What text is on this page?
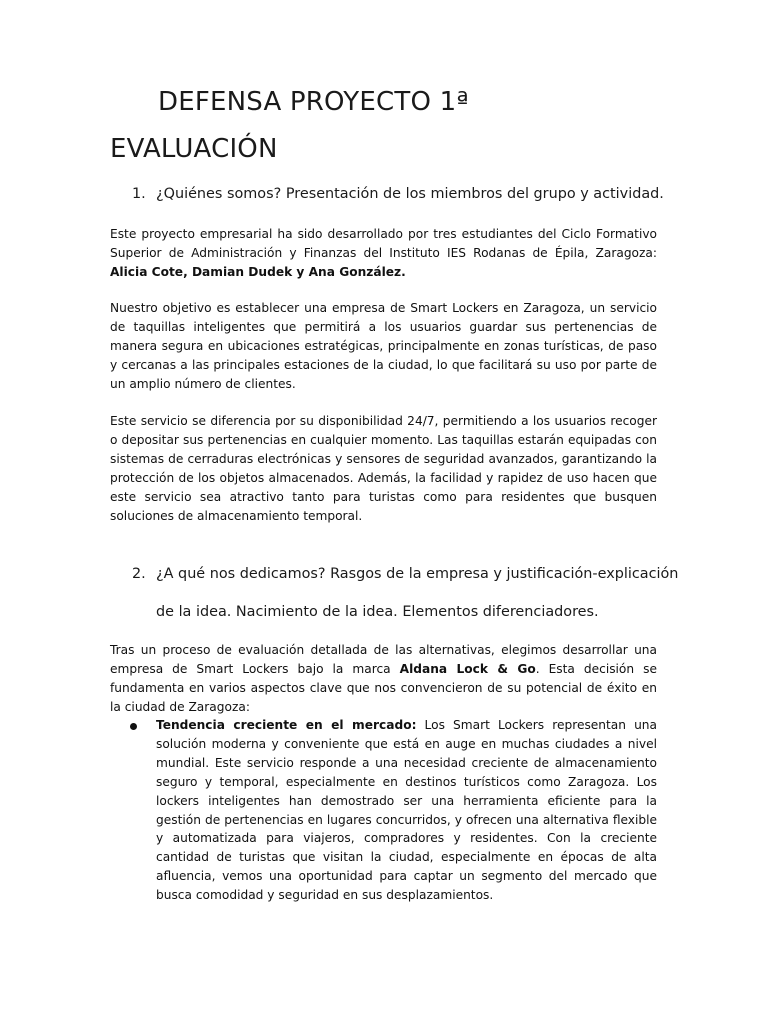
DEFENSA PROYECTO 1ª
EVALUACIÓN
1. ¿Quiénes somos? Presentación de los miembros del grupo y actividad.
Este proyecto empresarial ha sido desarrollado por tres estudiantes del Ciclo Formativo Superior de Administración y Finanzas del Instituto IES Rodanas de Épila, Zaragoza: Alicia Cote, Damian Dudek y Ana González.
Nuestro objetivo es establecer una empresa de Smart Lockers en Zaragoza, un servicio de taquillas inteligentes que permitirá a los usuarios guardar sus pertenencias de manera segura en ubicaciones estratégicas, principalmente en zonas turísticas, de paso y cercanas a las principales estaciones de la ciudad, lo que facilitará su uso por parte de un amplio número de clientes.
Este servicio se diferencia por su disponibilidad 24/7, permitiendo a los usuarios recoger o depositar sus pertenencias en cualquier momento. Las taquillas estarán equipadas con sistemas de cerraduras electrónicas y sensores de seguridad avanzados, garantizando la protección de los objetos almacenados. Además, la facilidad y rapidez de uso hacen que este servicio sea atractivo tanto para turistas como para residentes que busquen soluciones de almacenamiento temporal.
2. ¿A qué nos dedicamos? Rasgos de la empresa y justificación-explicación
de la idea. Nacimiento de la idea. Elementos diferenciadores.
Tras un proceso de evaluación detallada de las alternativas, elegimos desarrollar una empresa de Smart Lockers bajo la marca Aldana Lock & Go. Esta decisión se fundamenta en varios aspectos clave que nos convencieron de su potencial de éxito en la ciudad de Zaragoza:
Tendencia creciente en el mercado: Los Smart Lockers representan una solución moderna y conveniente que está en auge en muchas ciudades a nivel mundial. Este servicio responde a una necesidad creciente de almacenamiento seguro y temporal, especialmente en destinos turísticos como Zaragoza. Los lockers inteligentes han demostrado ser una herramienta eficiente para la gestión de pertenencias en lugares concurridos, y ofrecen una alternativa flexible y automatizada para viajeros, compradores y residentes. Con la creciente cantidad de turistas que visitan la ciudad, especialmente en épocas de alta afluencia, vemos una oportunidad para captar un segmento del mercado que busca comodidad y seguridad en sus desplazamientos.
